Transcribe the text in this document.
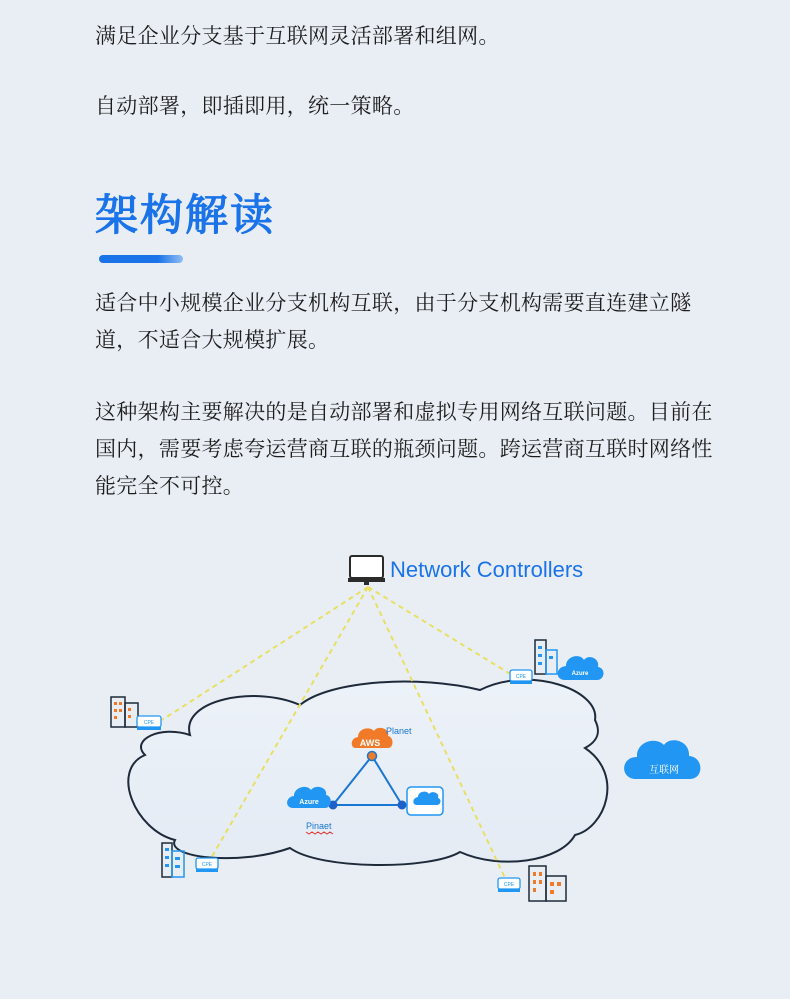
满足企业分支基于互联网灵活部署和组网。

自动部署，即插即用，统一策略。

架构解读

适合中小规模企业分支机构互联，由于分支机构需要直连建立隧道，不适合大规模扩展。

这种架构主要解决的是自动部署和虚拟专用网络互联问题。目前在国内，需要考虑夸运营商互联的瓶颈问题。跨运营商互联时网络性能完全不可控。

Network Controllers
AWS
Planet
Azure
Pinaet
互联网
CPE
CPE
CPE	Azure
CPE
